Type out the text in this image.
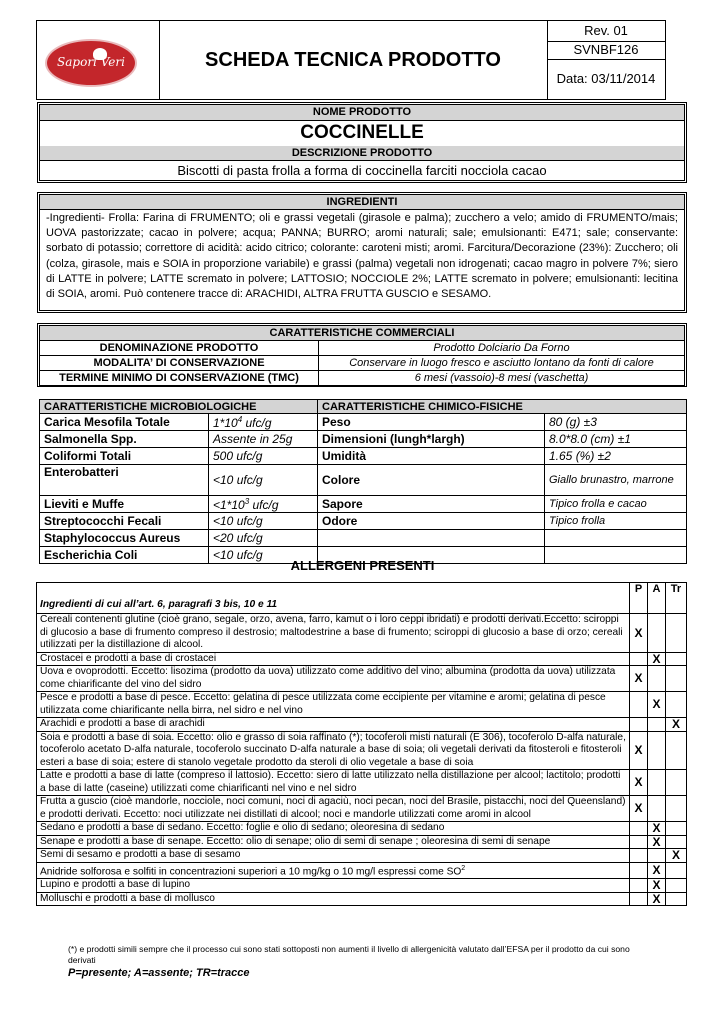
Sapori Veri	SCHEDA TECNICA PRODOTTO
Rev. 01
SVNBF126
Data: 03/11/2014
NOME PRODOTTO
COCCINELLE
DESCRIZIONE PRODOTTO
Biscotti di pasta frolla a forma di coccinella farciti nocciola cacao
INGREDIENTI
-Ingredienti- Frolla: Farina di FRUMENTO; oli e grassi vegetali (girasole e palma); zucchero a velo; amido di FRUMENTO/mais; UOVA pastorizzate; cacao in polvere; acqua; PANNA; BURRO; aromi naturali; sale; emulsionanti: E471; sale; conservante: sorbato di potassio; correttore di acidità: acido citrico; colorante: caroteni misti; aromi. Farcitura/Decorazione (23%): Zucchero; oli (colza, girasole, mais e SOIA in proporzione variabile) e grassi (palma) vegetali non idrogenati; cacao magro in polvere 7%; siero di LATTE in polvere; LATTE scremato in polvere; LATTOSIO; NOCCIOLE 2%; LATTE scremato in polvere; emulsionanti: lecitina di SOIA, aromi. Può contenere tracce di: ARACHIDI, ALTRA FRUTTA GUSCIO e SESAMO.
CARATTERISTICHE COMMERCIALI	
DENOMINAZIONE PRODOTTO	Prodotto Dolciario Da Forno
MODALITA’ DI CONSERVAZIONE	Conservare in luogo fresco e asciutto lontano da fonti di calore
TERMINE MINIMO DI CONSERVAZIONE (TMC)	6 mesi (vassoio)-8 mesi (vaschetta)
CARATTERISTICHE MICROBIOLOGICHE		CARATTERISTICHE CHIMICO-FISICHE	
Carica Mesofila Totale	$1*10^4$ ufc/g	Peso	80 (g) ±3
Salmonella Spp.	Assente in 25g	Dimensioni (lungh*largh)	8.0*8.0 (cm) ±1
Coliformi Totali	500 ufc/g	Umidità	1.65 (%) ±2
Enterobatteri	<10 ufc/g	Colore	Giallo brunastro, marrone
Lieviti e Muffe	$<1*10^3$ ufc/g	Sapore	Tipico frolla e cacao
Streptococchi Fecali	<10 ufc/g	Odore	Tipico frolla
Staphylococcus Aureus	<20 ufc/g		
Escherichia Coli	<10 ufc/g		
ALLERGENI PRESENTI
Ingredienti di cui all’art. 6, paragrafi 3 bis, 10 e 11	P	A	Tr
Cereali contenenti glutine (cioè grano, segale, orzo, avena, farro, kamut o i loro ceppi ibridati) e prodotti derivati.Eccetto: sciroppi di glucosio a base di frumento compreso il destrosio; maltodestrine a base di frumento; sciroppi di glucosio a base di orzo; cereali utilizzati per la distillazione di alcool.	X		
Crostacei e prodotti a base di crostacei		X	
Uova e ovoprodotti. Eccetto: lisozima (prodotto da uova) utilizzato come additivo del vino; albumina (prodotta da uova) utilizzata come chiarificante del vino del sidro	X		
Pesce e prodotti a base di pesce. Eccetto: gelatina di pesce utilizzata come eccipiente per vitamine e aromi; gelatina di pesce utilizzata come chiarificante nella birra, nel sidro e nel vino		X	
Arachidi e prodotti a base di arachidi			X
Soia e prodotti a base di soia. Eccetto: olio e grasso di soia raffinato (*); tocoferoli misti naturali (E 306), tocoferolo D-alfa naturale, tocoferolo acetato D-alfa naturale, tocoferolo succinato D-alfa naturale a base di soia; oli vegetali derivati da fitosteroli e fitosteroli esteri a base di soia; estere di stanolo vegetale prodotto da steroli di olio vegetale a base di soia	X		
Latte e prodotti a base di latte (compreso il lattosio). Eccetto: siero di latte utilizzato nella distillazione per alcool; lactitolo; prodotti a base di latte (caseine) utilizzati come chiarificanti nel vino e nel sidro	X		
Frutta a guscio (cioè mandorle, nocciole, noci comuni, noci di agaciù, noci pecan, noci del Brasile, pistacchi, noci del Queensland) e prodotti derivati. Eccetto: noci utilizzate nei distillati di alcool; noci e mandorle utilizzati come aromi in alcool	X		
Sedano e prodotti a base di sedano. Eccetto: foglie e olio di sedano; oleoresina di sedano		X	
Senape e prodotti a base di senape. Eccetto: olio di senape; olio di semi di senape ; oleoresina di semi di senape		X	
Semi di sesamo e prodotti a base di sesamo			X
Anidride solforosa e solfiti in concentrazioni superiori a 10 mg/kg o 10 mg/l espressi come $SO^2$		X	
Lupino e prodotti a base di lupino		X	
Molluschi e prodotti a base di mollusco		X	
(*) e prodotti simili sempre che il processo cui sono stati sottoposti non aumenti il livello di allergenicità valutato dall’EFSA per il prodotto da cui sono derivati
P=presente; A=assente; TR=tracce
